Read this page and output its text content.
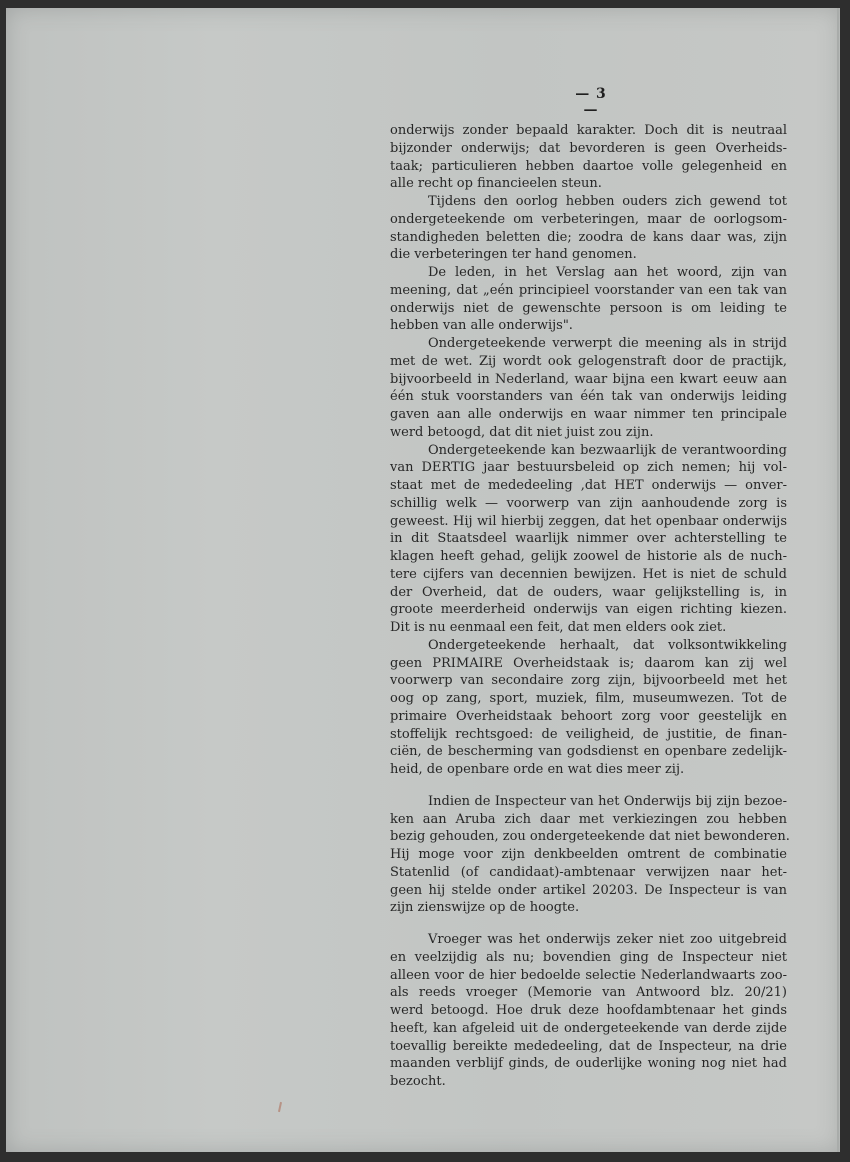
— 3 —

onderwijs zonder bepaald karakter. Doch dit is neutraal
bijzonder onderwijs; dat bevorderen is geen Overheids-
taak; particulieren hebben daartoe volle gelegenheid en
alle recht op financieelen steun.

Tijdens den oorlog hebben ouders zich gewend tot
ondergeteekende om verbeteringen, maar de oorlogsom-
standigheden beletten die; zoodra de kans daar was, zijn
die verbeteringen ter hand genomen.

De leden, in het Verslag aan het woord, zijn van
meening, dat „eén principieel voorstander van een tak van
onderwijs niet de gewenschte persoon is om leiding te
hebben van alle onderwijs".

Ondergeteekende verwerpt die meening als in strijd
met de wet. Zij wordt ook gelogenstraft door de practijk,
bijvoorbeeld in Nederland, waar bijna een kwart eeuw aan
één stuk voorstanders van één tak van onderwijs leiding
gaven aan alle onderwijs en waar nimmer ten principale
werd betoogd, dat dit niet juist zou zijn.

Ondergeteekende kan bezwaarlijk de verantwoording
van DERTIG jaar bestuursbeleid op zich nemen; hij vol-
staat met de mededeeling ,dat HET onderwijs — onver-
schillig welk — voorwerp van zijn aanhoudende zorg is
geweest. Hij wil hierbij zeggen, dat het openbaar onderwijs
in dit Staatsdeel waarlijk nimmer over achterstelling te
klagen heeft gehad, gelijk zoowel de historie als de nuch-
tere cijfers van decennien bewijzen. Het is niet de schuld
der Overheid, dat de ouders, waar gelijkstelling is, in
groote meerderheid onderwijs van eigen richting kiezen.
Dit is nu eenmaal een feit, dat men elders ook ziet.

Ondergeteekende herhaalt, dat volksontwikkeling
geen PRIMAIRE Overheidstaak is; daarom kan zij wel
voorwerp van secondaire zorg zijn, bijvoorbeeld met het
oog op zang, sport, muziek, film, museumwezen. Tot de
primaire Overheidstaak behoort zorg voor geestelijk en
stoffelijk rechtsgoed: de veiligheid, de justitie, de finan-
ciën, de bescherming van godsdienst en openbare zedelijk-
heid, de openbare orde en wat dies meer zij.

Indien de Inspecteur van het Onderwijs bij zijn bezoe-
ken aan Aruba zich daar met verkiezingen zou hebben
bezig gehouden, zou ondergeteekende dat niet bewonderen.
Hij moge voor zijn denkbeelden omtrent de combinatie
Statenlid (of candidaat)-ambtenaar verwijzen naar het-
geen hij stelde onder artikel 20203. De Inspecteur is van
zijn zienswijze op de hoogte.

Vroeger was het onderwijs zeker niet zoo uitgebreid
en veelzijdig als nu; bovendien ging de Inspecteur niet
alleen voor de hier bedoelde selectie Nederlandwaarts zoo-
als reeds vroeger (Memorie van Antwoord blz. 20/21)
werd betoogd. Hoe druk deze hoofdambtenaar het ginds
heeft, kan afgeleid uit de ondergeteekende van derde zijde
toevallig bereikte mededeeling, dat de Inspecteur, na drie
maanden verblijf ginds, de ouderlijke woning nog niet had
bezocht.
